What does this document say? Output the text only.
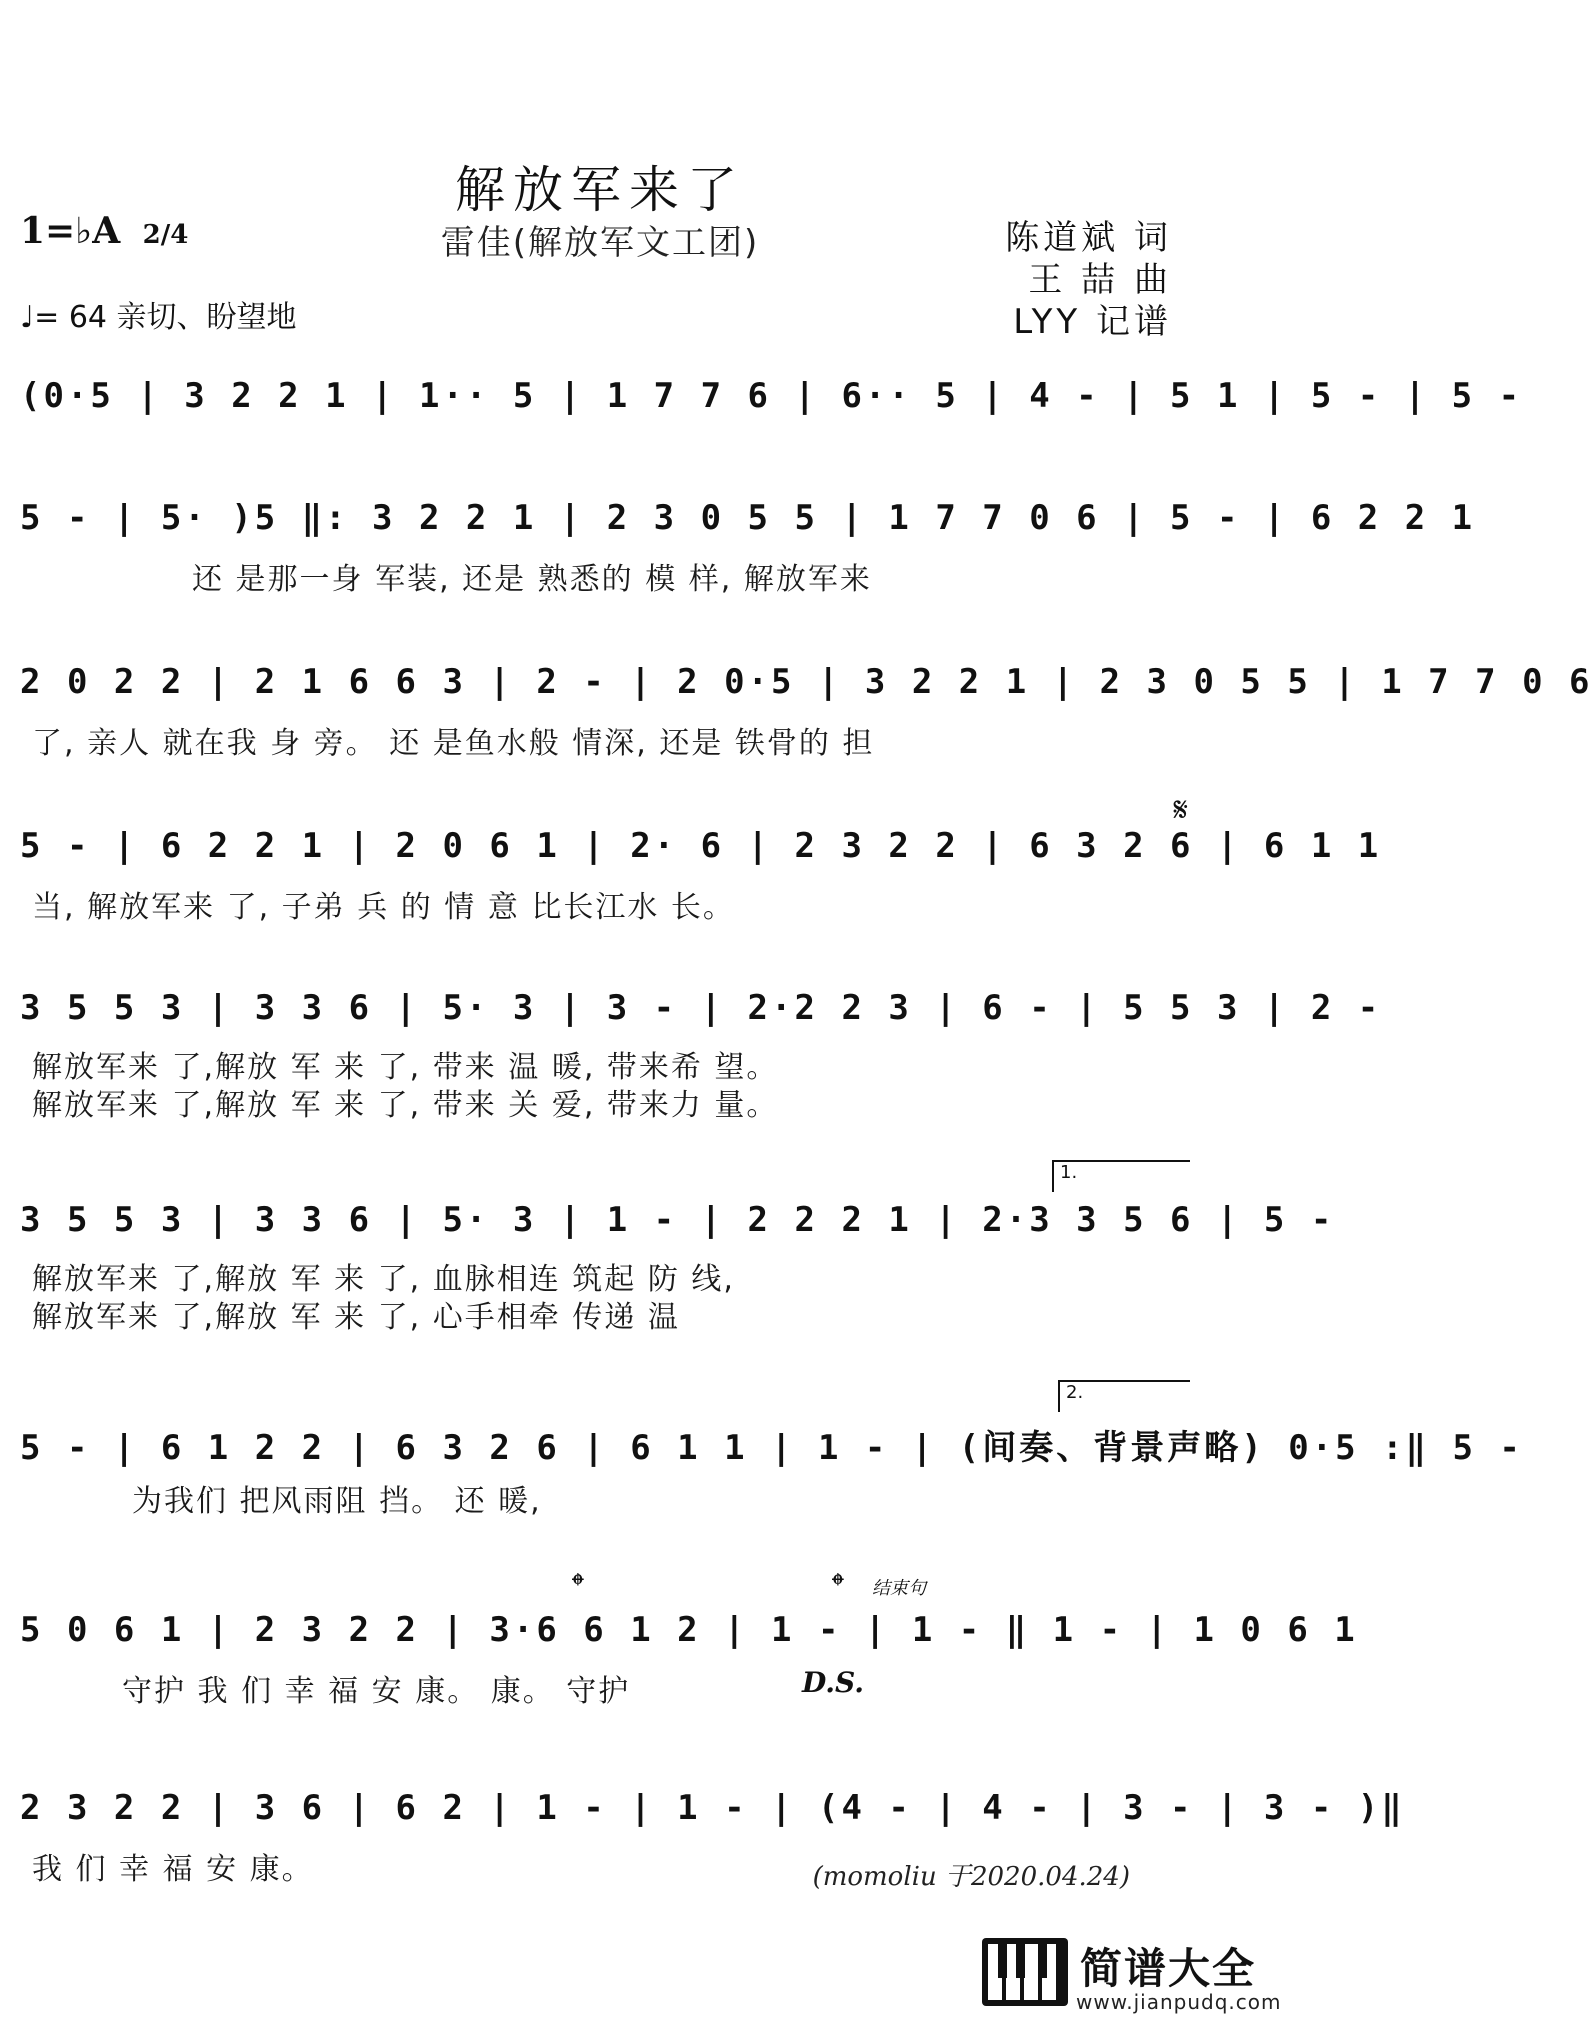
解放军来了
雷佳(解放军文工团)
1=♭A 2/4
♩= 64 亲切、盼望地
陈道斌 词
王 喆 曲
LYY 记谱
(0·5 | 3 2 2 1 | 1·· 5 | 1 7 7 6 | 6·· 5 | 4 - | 5 1 | 5 - | 5 -
5 - | 5· )5 ‖: 3 2 2 1 | 2 3 0 5 5 | 1 7 7 0 6 | 5 - | 6 2 2 1
还 是那一身 军装, 还是 熟悉的 模 样, 解放军来
2 0 2 2 | 2 1 6 6 3 | 2 - | 2 0·5 | 3 2 2 1 | 2 3 0 5 5 | 1 7 7 0 6
了, 亲人 就在我 身 旁。 还 是鱼水般 情深, 还是 铁骨的 担
5 - | 6 2 2 1 | 2 0 6 1 | 2· 6 | 2 3 2 2 | 6 3 2 6 | 6 1 1
当, 解放军来 了, 子弟 兵 的 情 意 比长江水 长。
𝄋
3 5 5 3 | 3 3 6 | 5· 3 | 3 - | 2·2 2 3 | 6 - | 5 5 3 | 2 -
解放军来 了,解放 军 来 了, 带来 温 暖, 带来希 望。
解放军来 了,解放 军 来 了, 带来 关 爱, 带来力 量。
1.
3 5 5 3 | 3 3 6 | 5· 3 | 1 - | 2 2 2 1 | 2·3 3 5 6 | 5 -
解放军来 了,解放 军 来 了, 血脉相连 筑起 防 线,
解放军来 了,解放 军 来 了, 心手相牵 传递 温
2.
5 - | 6 1 2 2 | 6 3 2 6 | 6 1 1 | 1 - | (间奏、背景声略) 0·5 :‖ 5 -
为我们 把风雨阻 挡。 还 暖,
𝄌	𝄌 结束句
5 0 6 1 | 2 3 2 2 | 3·6 6 1 2 | 1 - | 1 - ‖ 1 - | 1 0 6 1
守护 我 们 幸 福 安 康。 康。 守护	D.S.
2 3 2 2 | 3 6 | 6 2 | 1 - | 1 - | (4 - | 4 - | 3 - | 3 - )‖
我 们 幸 福 安 康。	(momoliu 于2020.04.24)
简谱大全
www.jianpudq.com
